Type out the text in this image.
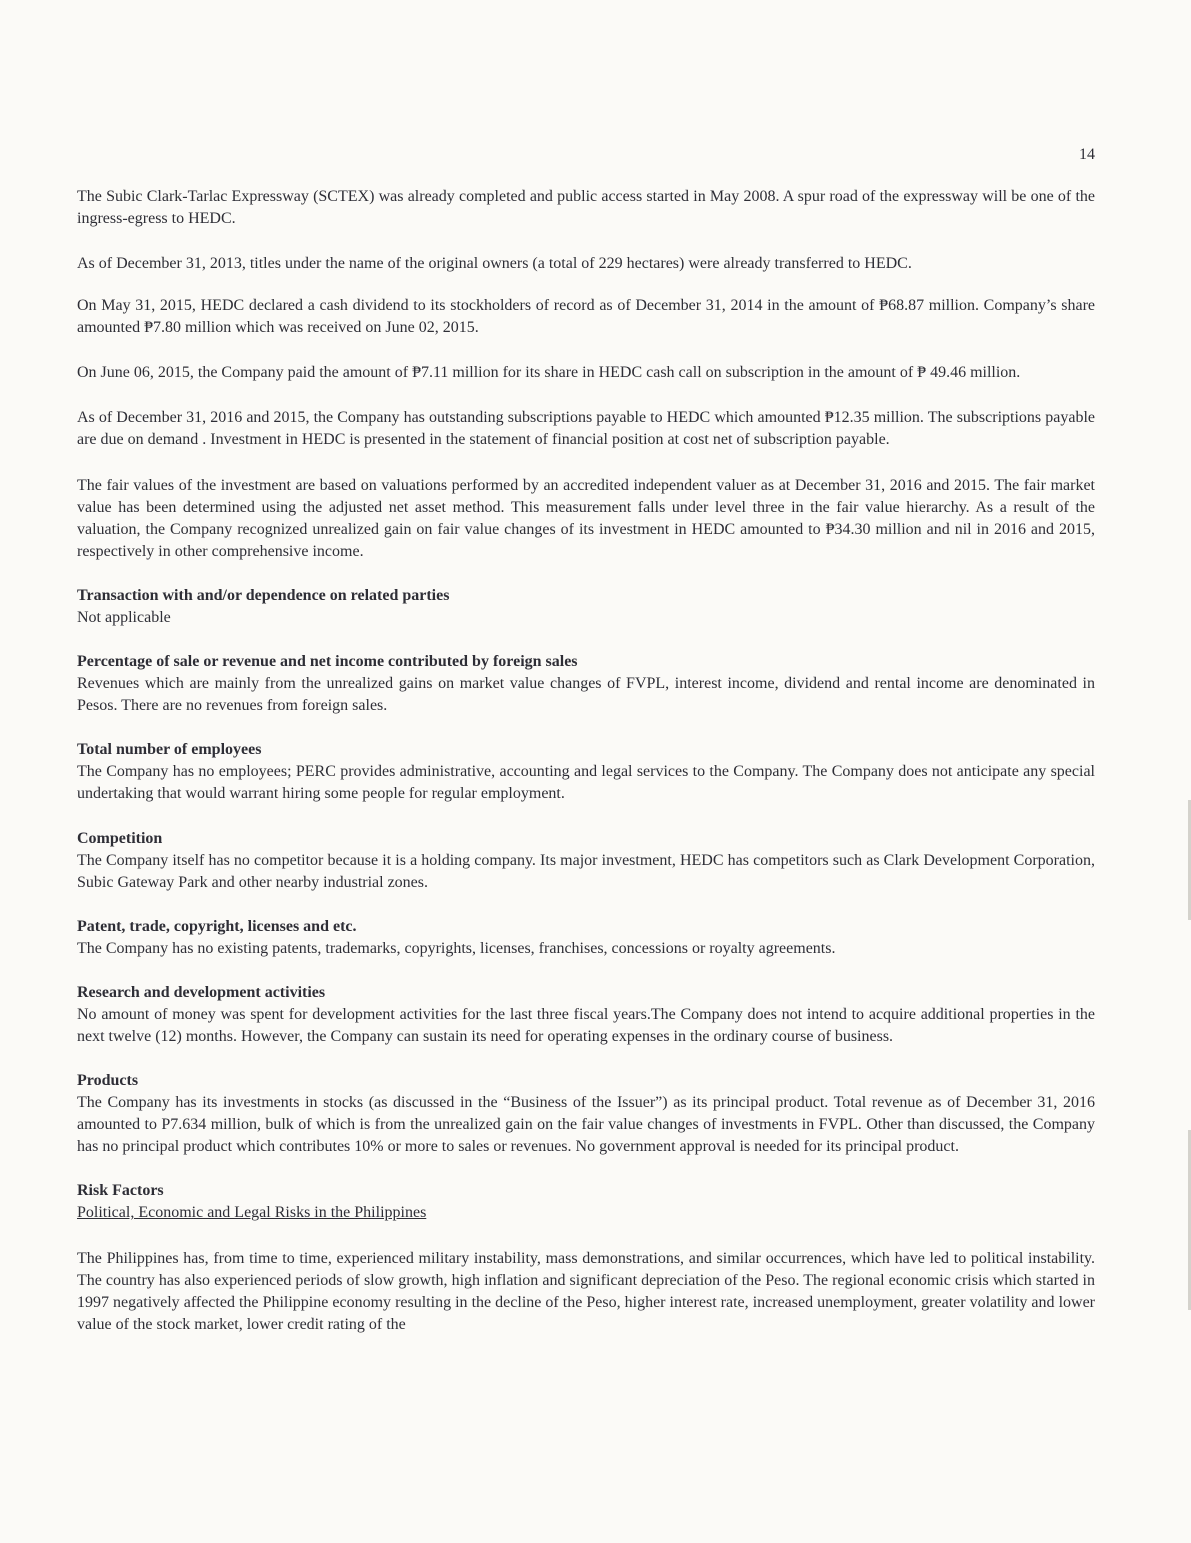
14

The Subic Clark-Tarlac Expressway (SCTEX) was already completed and public access started in May 2008. A spur road of the expressway will be one of the ingress-egress to HEDC.

As of December 31, 2013, titles under the name of the original owners (a total of 229 hectares) were already transferred to HEDC.

On May 31, 2015, HEDC declared a cash dividend to its stockholders of record as of December 31, 2014 in the amount of ₱68.87 million. Company’s share amounted ₱7.80 million which was received on June 02, 2015.

On June 06, 2015, the Company paid the amount of ₱7.11 million for its share in HEDC cash call on subscription in the amount of ₱ 49.46 million.

As of December 31, 2016 and 2015, the Company has outstanding subscriptions payable to HEDC which amounted ₱12.35 million. The subscriptions payable are due on demand . Investment in HEDC is presented in the statement of financial position at cost net of subscription payable.

The fair values of the investment are based on valuations performed by an accredited independent valuer as at December 31, 2016 and 2015. The fair market value has been determined using the adjusted net asset method. This measurement falls under level three in the fair value hierarchy. As a result of the valuation, the Company recognized unrealized gain on fair value changes of its investment in HEDC amounted to ₱34.30 million and nil in 2016 and 2015, respectively in other comprehensive income.

Transaction with and/or dependence on related parties

Not applicable

Percentage of sale or revenue and net income contributed by foreign sales

Revenues which are mainly from the unrealized gains on market value changes of FVPL, interest income, dividend and rental income are denominated in Pesos. There are no revenues from foreign sales.

Total number of employees

The Company has no employees; PERC provides administrative, accounting and legal services to the Company. The Company does not anticipate any special undertaking that would warrant hiring some people for regular employment.

Competition

The Company itself has no competitor because it is a holding company. Its major investment, HEDC has competitors such as Clark Development Corporation, Subic Gateway Park and other nearby industrial zones.

Patent, trade, copyright, licenses and etc.

The Company has no existing patents, trademarks, copyrights, licenses, franchises, concessions or royalty agreements.

Research and development activities

No amount of money was spent for development activities for the last three fiscal years.The Company does not intend to acquire additional properties in the next twelve (12) months. However, the Company can sustain its need for operating expenses in the ordinary course of business.

Products

The Company has its investments in stocks (as discussed in the “Business of the Issuer”) as its principal product. Total revenue as of December 31, 2016 amounted to P7.634 million, bulk of which is from the unrealized gain on the fair value changes of investments in FVPL. Other than discussed, the Company has no principal product which contributes 10% or more to sales or revenues. No government approval is needed for its principal product.

Risk Factors

Political, Economic and Legal Risks in the Philippines

The Philippines has, from time to time, experienced military instability, mass demonstrations, and similar occurrences, which have led to political instability. The country has also experienced periods of slow growth, high inflation and significant depreciation of the Peso. The regional economic crisis which started in 1997 negatively affected the Philippine economy resulting in the decline of the Peso, higher interest rate, increased unemployment, greater volatility and lower value of the stock market, lower credit rating of the
